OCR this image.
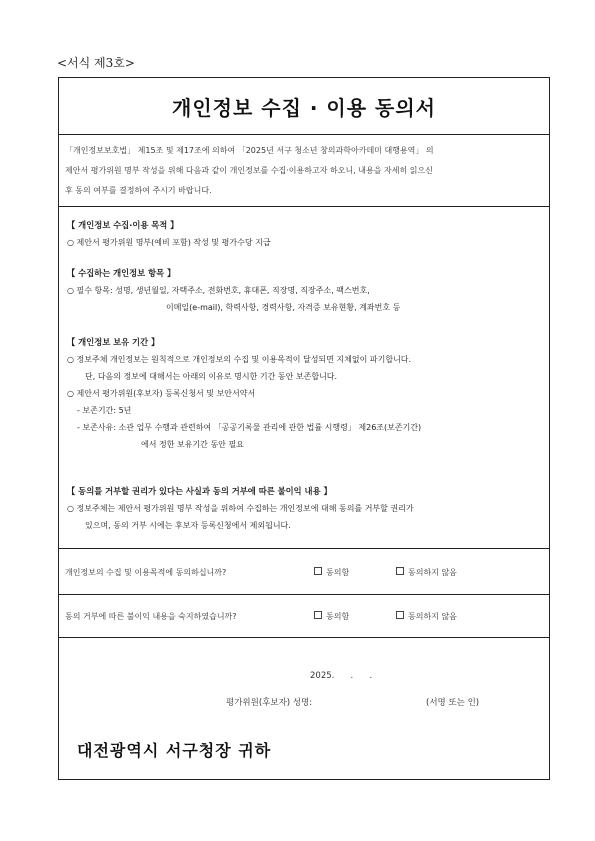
<서식 제3호>
개인정보 수집 · 이용 동의서
「개인정보보호법」 제15조 및 제17조에 의하여 「2025년 서구 청소년 창의과학아카데미 대행용역」 의
제안서 평가위원 명부 작성을 위해 다음과 같이 개인정보를 수집·이용하고자 하오니, 내용을 자세히 읽으신
후 동의 여부를 결정하여 주시기 바랍니다.
【 개인정보 수집·이용 목적 】
○ 제안서 평가위원 명부(예비 포함) 작성 및 평가수당 지급
【 수집하는 개인정보 항목 】
○ 필수 항목: 성명, 생년월일, 자택주소, 전화번호, 휴대폰, 직장명, 직장주소, 팩스번호,
이메일(e-mail), 학력사항, 경력사항, 자격증 보유현황, 계좌번호 등
【 개인정보 보유 기간 】
○ 정보주체 개인정보는 원칙적으로 개인정보의 수집 및 이용목적이 달성되면 지체없이 파기합니다.
단, 다음의 정보에 대해서는 아래의 이유로 명시한 기간 동안 보존합니다.
○ 제안서 평가위원(후보자) 등록신청서 및 보안서약서
- 보존기간: 5년
- 보존사유: 소관 업무 수행과 관련하여 「공공기록물 관리에 관한 법률 시행령」 제26조(보존기간)
에서 정한 보유기간 동안 필요
【 동의를 거부할 권리가 있다는 사실과 동의 거부에 따른 불이익 내용 】
○ 정보주체는 제안서 평가위원 명부 작성을 위하여 수집하는 개인정보에 대해 동의를 거부할 권리가
있으며, 동의 거부 시에는 후보자 등록신청에서 제외됩니다.
개인정보의 수집 및 이용목적에 동의하십니까?	동의함	동의하지 않음
동의 거부에 따른 불이익 내용을 숙지하였습니까?	동의함	동의하지 않음
2025.      .      .
평가위원(후보자) 성명:	(서명 또는 인)
대전광역시 서구청장 귀하
